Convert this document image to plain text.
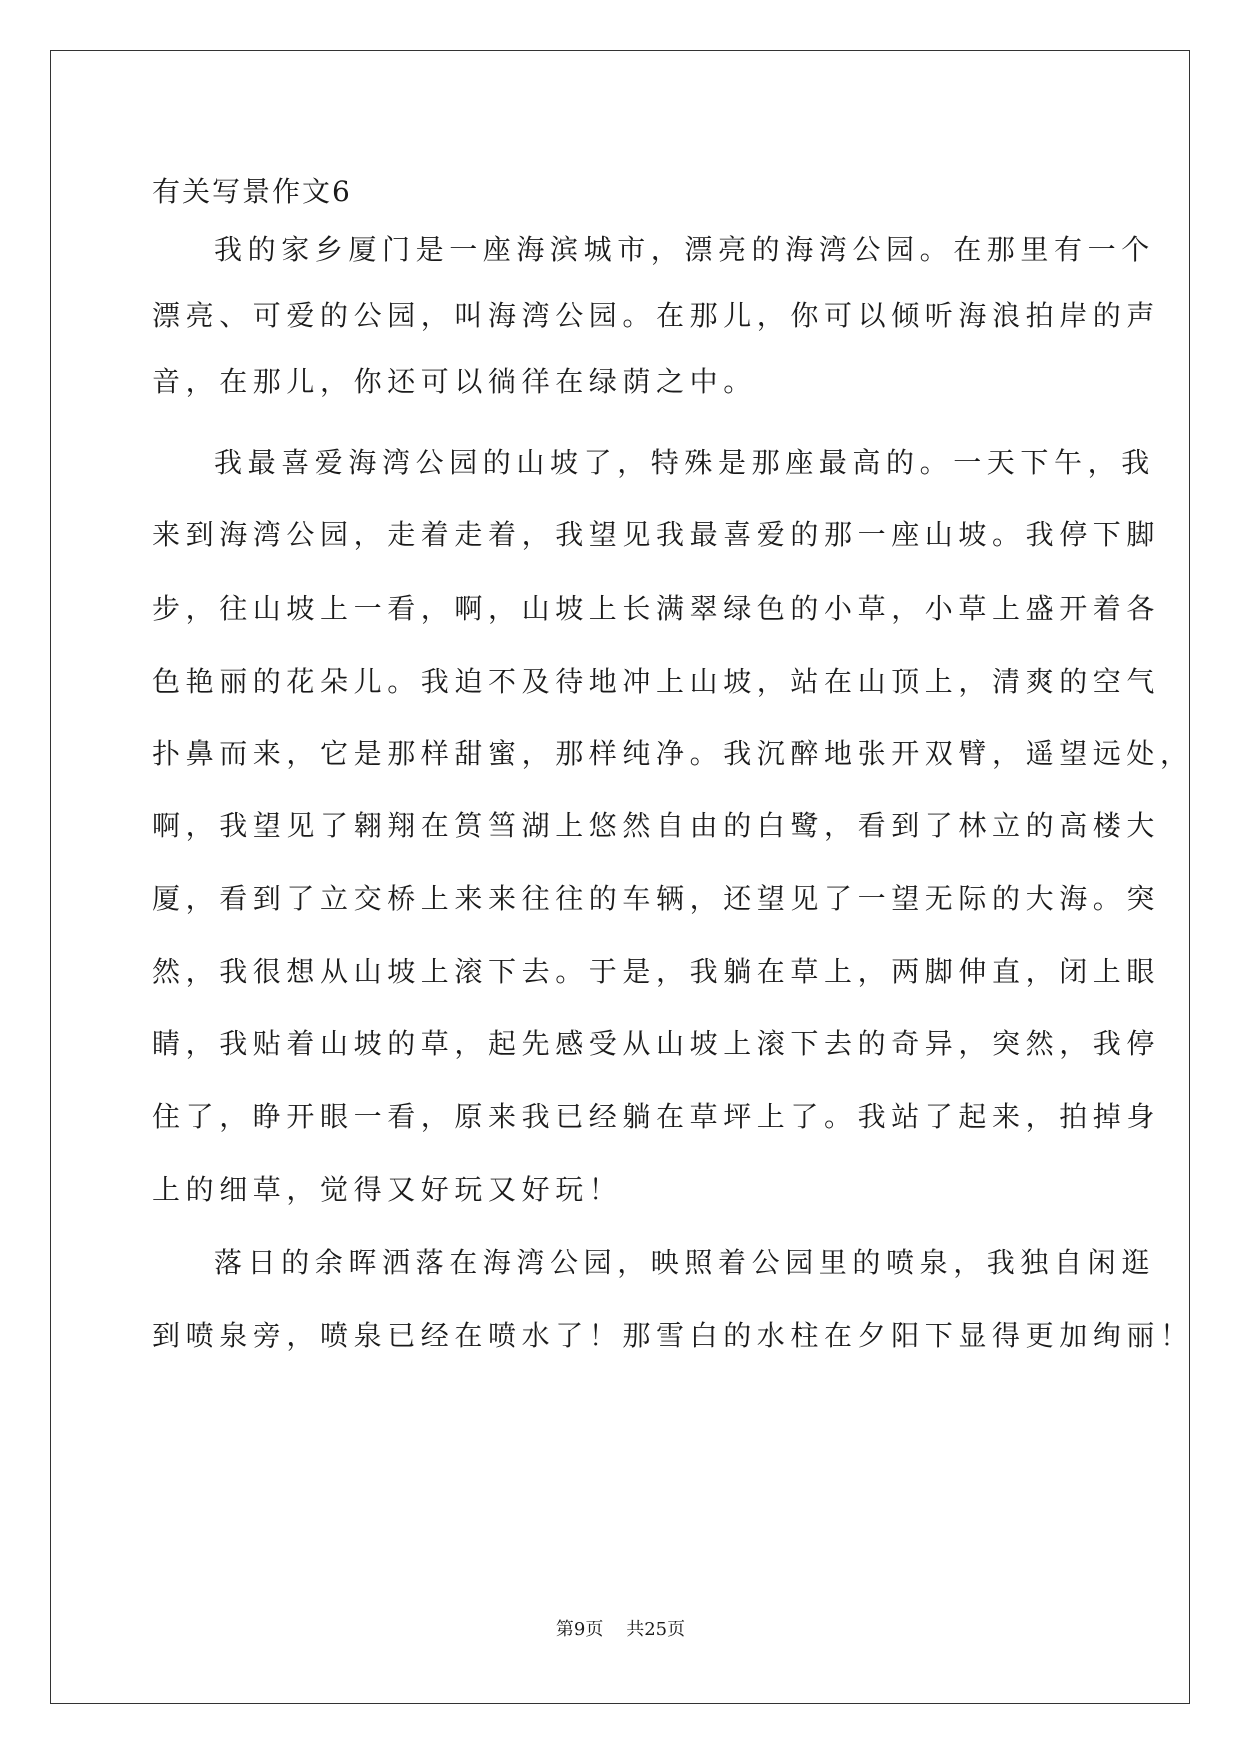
有关写景作文6
我的家乡厦门是一座海滨城市，漂亮的海湾公园。在那里有一个
漂亮、可爱的公园，叫海湾公园。在那儿，你可以倾听海浪拍岸的声
音，在那儿，你还可以徜徉在绿荫之中。
我最喜爱海湾公园的山坡了，特殊是那座最高的。一天下午，我
来到海湾公园，走着走着，我望见我最喜爱的那一座山坡。我停下脚
步，往山坡上一看，啊，山坡上长满翠绿色的小草，小草上盛开着各
色艳丽的花朵儿。我迫不及待地冲上山坡，站在山顶上，清爽的空气
扑鼻而来，它是那样甜蜜，那样纯净。我沉醉地张开双臂，遥望远处，
啊，我望见了翱翔在筼筜湖上悠然自由的白鹭，看到了林立的高楼大
厦，看到了立交桥上来来往往的车辆，还望见了一望无际的大海。突
然，我很想从山坡上滚下去。于是，我躺在草上，两脚伸直，闭上眼
睛，我贴着山坡的草，起先感受从山坡上滚下去的奇异，突然，我停
住了，睁开眼一看，原来我已经躺在草坪上了。我站了起来，拍掉身
上的细草，觉得又好玩又好玩！
落日的余晖洒落在海湾公园，映照着公园里的喷泉，我独自闲逛
到喷泉旁，喷泉已经在喷水了！那雪白的水柱在夕阳下显得更加绚丽！
第9页 共25页
